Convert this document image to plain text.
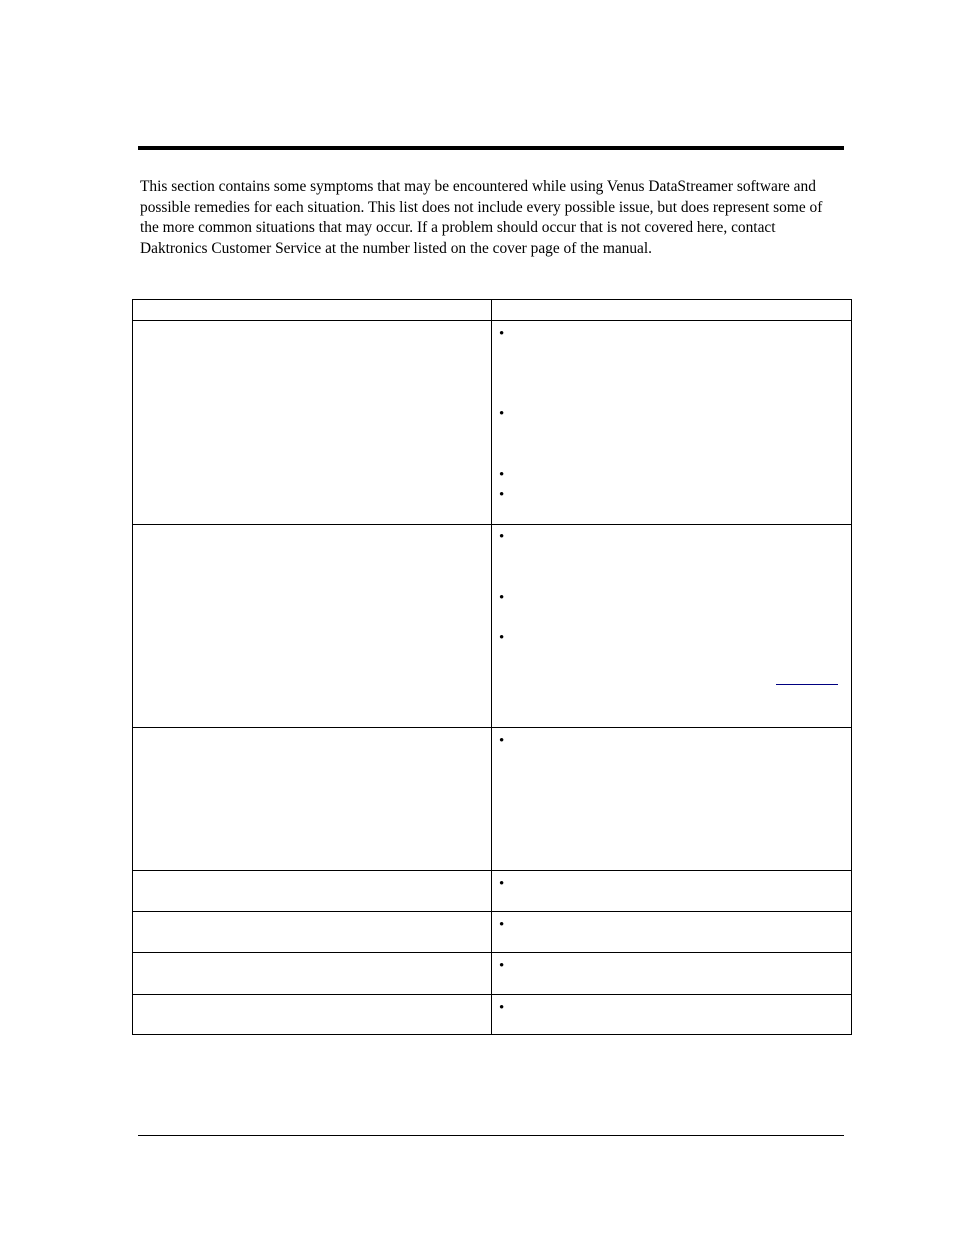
This section contains some symptoms that may be encountered while using Venus DataStreamer software and possible remedies for each situation. This list does not include every possible issue, but does represent some of the more common situations that may occur. If a problem should occur that is not covered here, contact Daktronics Customer Service at the number listed on the cover page of the manual.

	•
•
•
•

	•
•
•

	•

	•

	•

	•

	•
